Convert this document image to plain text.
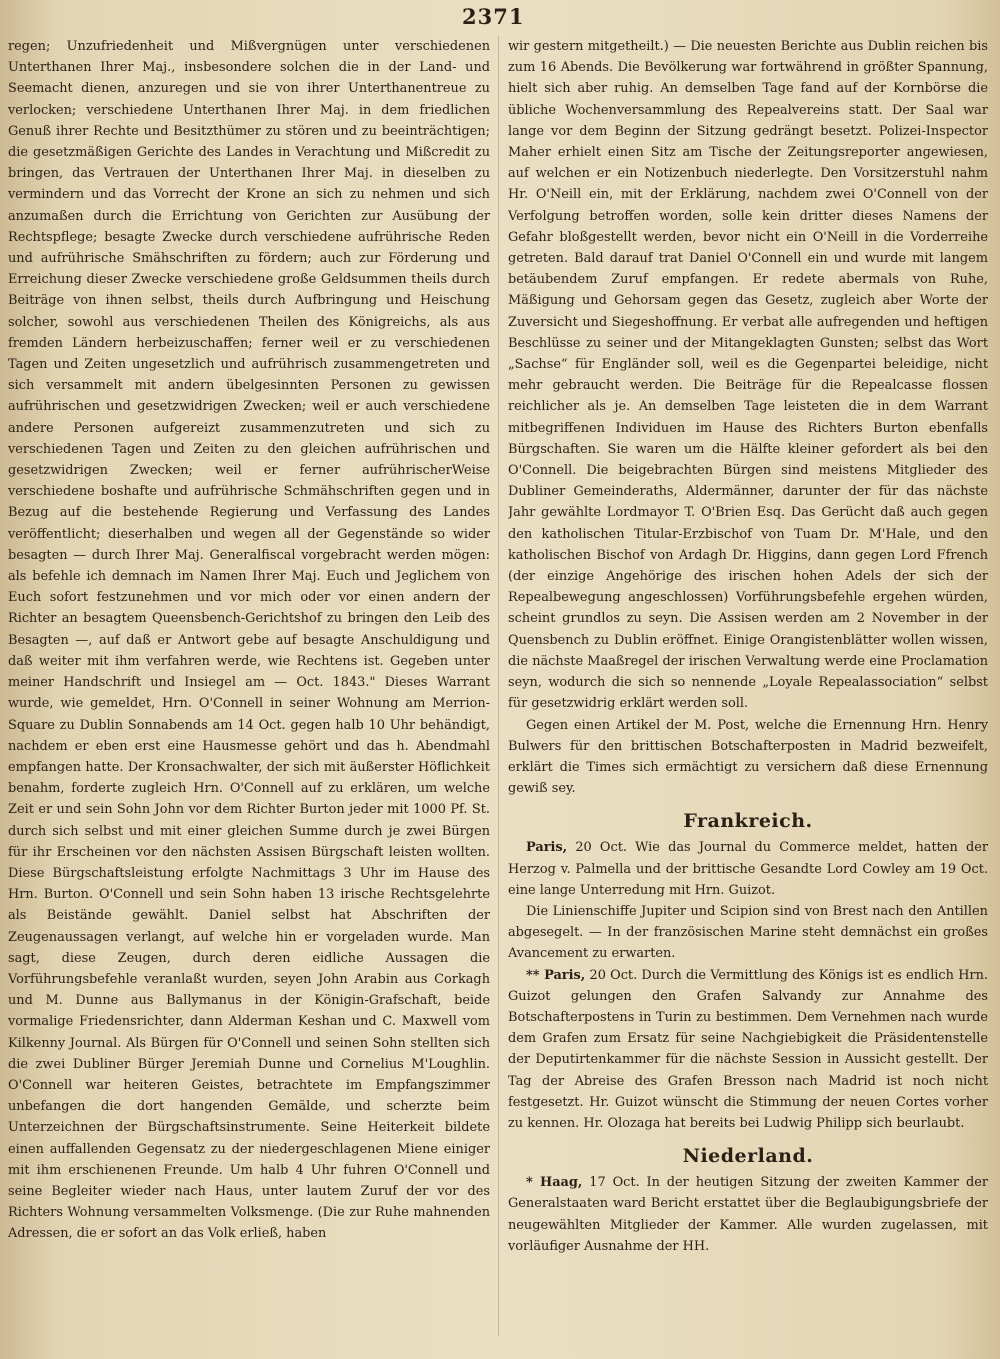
2371

regen; Unzufriedenheit und Mißvergnügen unter verschiedenen Unterthanen Ihrer Maj., insbesondere solchen die in der Land- und Seemacht dienen, anzuregen und sie von ihrer Unterthanentreue zu verlocken; verschiedene Unterthanen Ihrer Maj. in dem friedlichen Genuß ihrer Rechte und Besitzthümer zu stören und zu beeinträchtigen; die gesetzmäßigen Gerichte des Landes in Verachtung und Mißcredit zu bringen, das Vertrauen der Unterthanen Ihrer Maj. in dieselben zu vermindern und das Vorrecht der Krone an sich zu nehmen und sich anzumaßen durch die Errichtung von Gerichten zur Ausübung der Rechtspflege; besagte Zwecke durch verschiedene aufrührische Reden und aufrührische Smähschriften zu fördern; auch zur Förderung und Erreichung dieser Zwecke verschiedene große Geldsummen theils durch Beiträge von ihnen selbst, theils durch Aufbringung und Heischung solcher, sowohl aus verschiedenen Theilen des Königreichs, als aus fremden Ländern herbeizuschaffen; ferner weil er zu verschiedenen Tagen und Zeiten ungesetzlich und aufrührisch zusammengetreten und sich versammelt mit andern übelgesinnten Personen zu gewissen aufrührischen und gesetzwidrigen Zwecken; weil er auch verschiedene andere Personen aufgereizt zusammenzutreten und sich zu verschiedenen Tagen und Zeiten zu den gleichen aufrührischen und gesetzwidrigen Zwecken; weil er ferner aufrührischerWeise verschiedene boshafte und aufrührische Schmähschriften gegen und in Bezug auf die bestehende Regierung und Verfassung des Landes veröffentlicht; dieserhalben und wegen all der Gegenstände so wider besagten — durch Ihrer Maj. Generalfiscal vorgebracht werden mögen: als befehle ich demnach im Namen Ihrer Maj. Euch und Jeglichem von Euch sofort festzunehmen und vor mich oder vor einen andern der Richter an besagtem Queensbench-Gerichtshof zu bringen den Leib des Besagten —, auf daß er Antwort gebe auf besagte Anschuldigung und daß weiter mit ihm verfahren werde, wie Rechtens ist. Gegeben unter meiner Handschrift und Insiegel am — Oct. 1843." Dieses Warrant wurde, wie gemeldet, Hrn. O'Connell in seiner Wohnung am Merrion-Square zu Dublin Sonnabends am 14 Oct. gegen halb 10 Uhr behändigt, nachdem er eben erst eine Hausmesse gehört und das h. Abendmahl empfangen hatte. Der Kronsachwalter, der sich mit äußerster Höflichkeit benahm, forderte zugleich Hrn. O'Connell auf zu erklären, um welche Zeit er und sein Sohn John vor dem Richter Burton jeder mit 1000 Pf. St. durch sich selbst und mit einer gleichen Summe durch je zwei Bürgen für ihr Erscheinen vor den nächsten Assisen Bürgschaft leisten wollten. Diese Bürgschaftsleistung erfolgte Nachmittags 3 Uhr im Hause des Hrn. Burton. O'Connell und sein Sohn haben 13 irische Rechtsgelehrte als Beistände gewählt. Daniel selbst hat Abschriften der Zeugenaussagen verlangt, auf welche hin er vorgeladen wurde. Man sagt, diese Zeugen, durch deren eidliche Aussagen die Vorführungsbefehle veranlaßt wurden, seyen John Arabin aus Corkagh und M. Dunne aus Ballymanus in der Königin-Grafschaft, beide vormalige Friedensrichter, dann Alderman Keshan und C. Maxwell vom Kilkenny Journal. Als Bürgen für O'Connell und seinen Sohn stellten sich die zwei Dubliner Bürger Jeremiah Dunne und Cornelius M'Loughlin. O'Connell war heiteren Geistes, betrachtete im Empfangszimmer unbefangen die dort hangenden Gemälde, und scherzte beim Unterzeichnen der Bürgschaftsinstrumente. Seine Heiterkeit bildete einen auffallenden Gegensatz zu der niedergeschlagenen Miene einiger mit ihm erschienenen Freunde. Um halb 4 Uhr fuhren O'Connell und seine Begleiter wieder nach Haus, unter lautem Zuruf der vor des Richters Wohnung versammelten Volksmenge. (Die zur Ruhe mahnenden Adressen, die er sofort an das Volk erließ, haben

wir gestern mitgetheilt.) — Die neuesten Berichte aus Dublin reichen bis zum 16 Abends. Die Bevölkerung war fortwährend in größter Spannung, hielt sich aber ruhig. An demselben Tage fand auf der Kornbörse die übliche Wochenversammlung des Repealvereins statt. Der Saal war lange vor dem Beginn der Sitzung gedrängt besetzt. Polizei-Inspector Maher erhielt einen Sitz am Tische der Zeitungsreporter angewiesen, auf welchen er ein Notizenbuch niederlegte. Den Vorsitzerstuhl nahm Hr. O'Neill ein, mit der Erklärung, nachdem zwei O'Connell von der Verfolgung betroffen worden, solle kein dritter dieses Namens der Gefahr bloßgestellt werden, bevor nicht ein O'Neill in die Vorderreihe getreten. Bald darauf trat Daniel O'Connell ein und wurde mit langem betäubendem Zuruf empfangen. Er redete abermals von Ruhe, Mäßigung und Gehorsam gegen das Gesetz, zugleich aber Worte der Zuversicht und Siegeshoffnung. Er verbat alle aufregenden und heftigen Beschlüsse zu seiner und der Mitangeklagten Gunsten; selbst das Wort „Sachse“ für Engländer soll, weil es die Gegenpartei beleidige, nicht mehr gebraucht werden. Die Beiträge für die Repealcasse flossen reichlicher als je. An demselben Tage leisteten die in dem Warrant mitbegriffenen Individuen im Hause des Richters Burton ebenfalls Bürgschaften. Sie waren um die Hälfte kleiner gefordert als bei den O'Connell. Die beigebrachten Bürgen sind meistens Mitglieder des Dubliner Gemeinderaths, Aldermänner, darunter der für das nächste Jahr gewählte Lordmayor T. O'Brien Esq. Das Gerücht daß auch gegen den katholischen Titular-Erzbischof von Tuam Dr. M'Hale, und den katholischen Bischof von Ardagh Dr. Higgins, dann gegen Lord Ffrench (der einzige Angehörige des irischen hohen Adels der sich der Repealbewegung angeschlossen) Vorführungsbefehle ergehen würden, scheint grundlos zu seyn. Die Assisen werden am 2 November in der Quensbench zu Dublin eröffnet. Einige Orangistenblätter wollen wissen, die nächste Maaßregel der irischen Verwaltung werde eine Proclamation seyn, wodurch die sich so nennende „Loyale Repealassociation“ selbst für gesetzwidrig erklärt werden soll.

Gegen einen Artikel der M. Post, welche die Ernennung Hrn. Henry Bulwers für den brittischen Botschafterposten in Madrid bezweifelt, erklärt die Times sich ermächtigt zu versichern daß diese Ernennung gewiß sey.

Frankreich.

Paris, 20 Oct. Wie das Journal du Commerce meldet, hatten der Herzog v. Palmella und der brittische Gesandte Lord Cowley am 19 Oct. eine lange Unterredung mit Hrn. Guizot.

Die Linienschiffe Jupiter und Scipion sind von Brest nach den Antillen abgesegelt. — In der französischen Marine steht demnächst ein großes Avancement zu erwarten.

** Paris, 20 Oct. Durch die Vermittlung des Königs ist es endlich Hrn. Guizot gelungen den Grafen Salvandy zur Annahme des Botschafterpostens in Turin zu bestimmen. Dem Vernehmen nach wurde dem Grafen zum Ersatz für seine Nachgiebigkeit die Präsidentenstelle der Deputirtenkammer für die nächste Session in Aussicht gestellt. Der Tag der Abreise des Grafen Bresson nach Madrid ist noch nicht festgesetzt. Hr. Guizot wünscht die Stimmung der neuen Cortes vorher zu kennen. Hr. Olozaga hat bereits bei Ludwig Philipp sich beurlaubt.

Niederland.

* Haag, 17 Oct. In der heutigen Sitzung der zweiten Kammer der Generalstaaten ward Bericht erstattet über die Beglaubigungsbriefe der neugewählten Mitglieder der Kammer. Alle wurden zugelassen, mit vorläufiger Ausnahme der HH.
